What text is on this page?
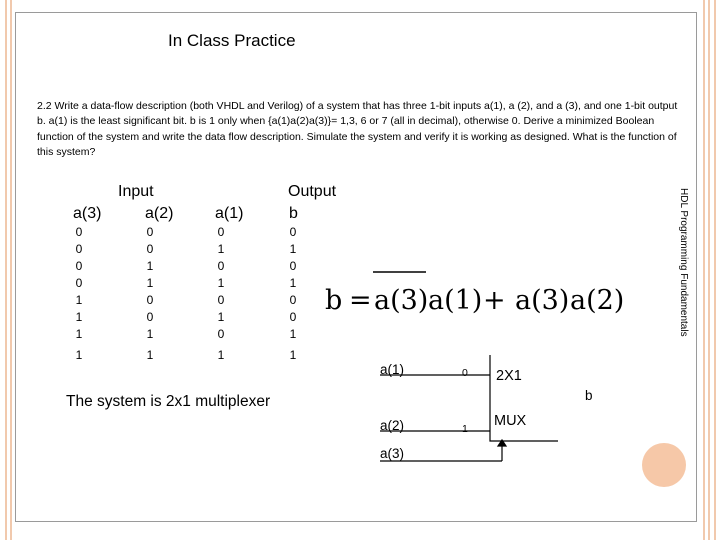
In Class Practice
2.2 Write a data-flow description (both VHDL and Verilog) of a system that has three 1-bit inputs a(1), a (2), and a (3), and one 1-bit output b. a(1) is the least significant bit. b is 1 only when {a(1)a(2)a(3)}= 1,3, 6 or 7 (all in decimal), otherwise 0. Derive a minimized Boolean function of the system and write the data flow description. Simulate the system and verify it is working as designed. What is the function of this system?
HDL Programming Fundamentals
Input	Output
a(3)	a(2)	a(1)	b
0	0	0	0
0	0	1	1
0	1	0	0
0	1	1	1
1	0	0	0
1	0	1	0
1	1	0	1
1	1	1	1
b = a(3) a(1) + a(3) a(2)
The system is 2x1 multiplexer
a(1)
a(2)
a(3)
0
1
2X1
MUX
b
